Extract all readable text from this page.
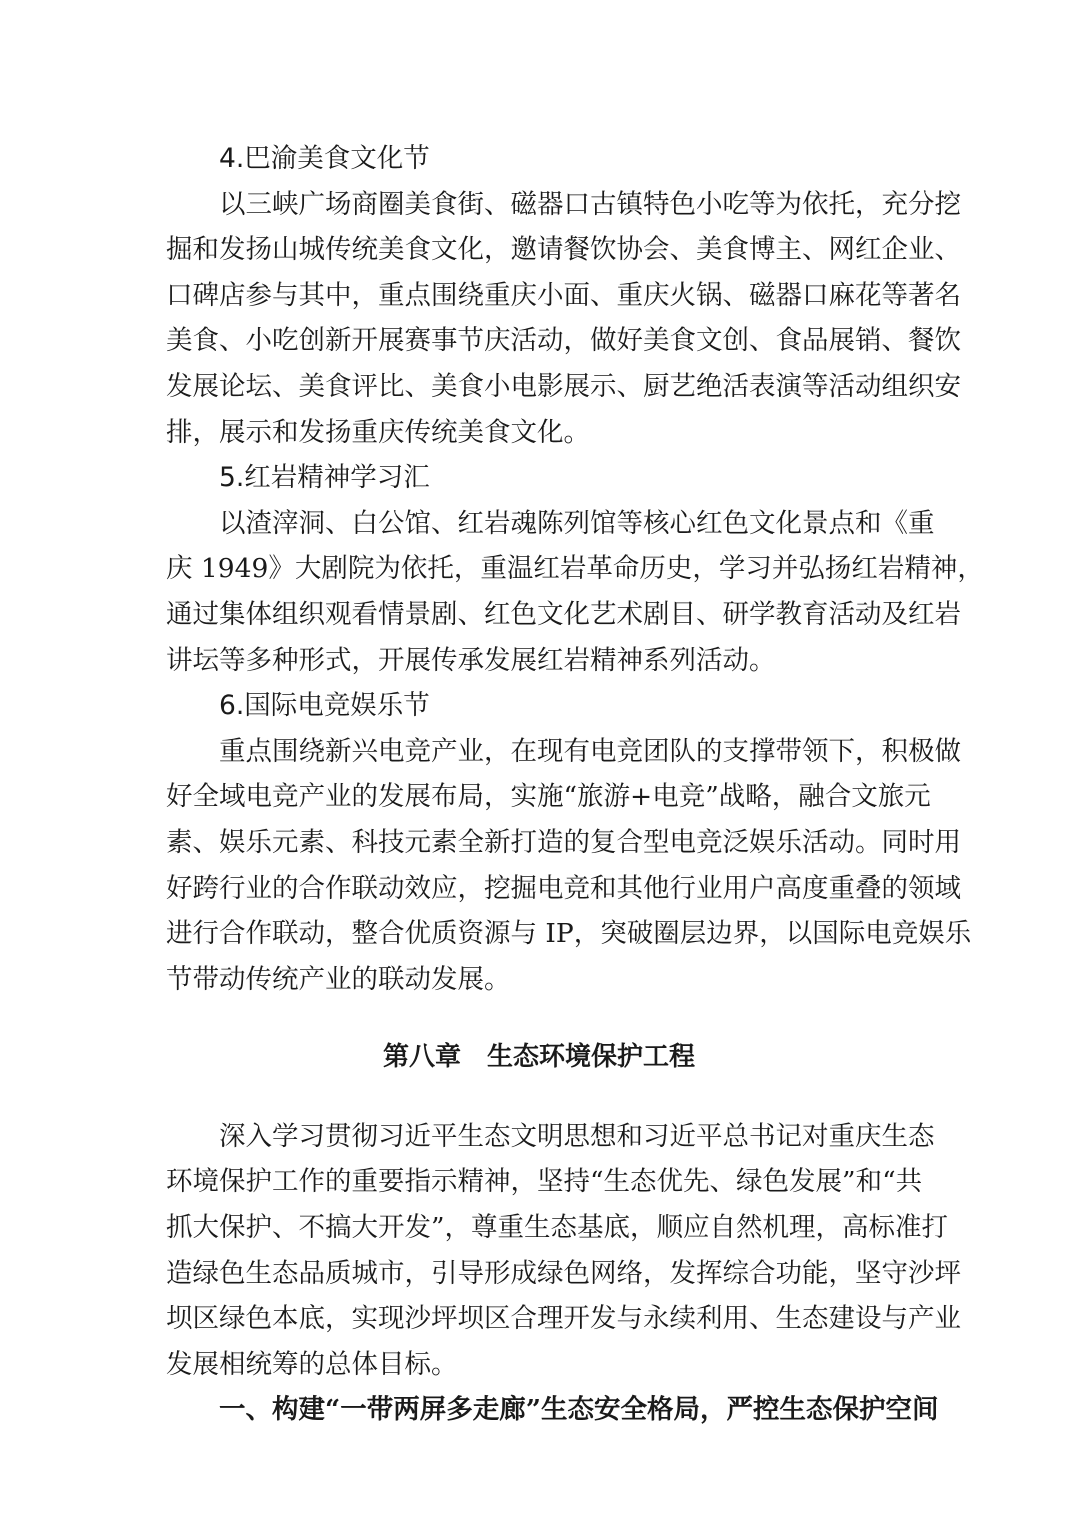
4.巴渝美食文化节
以三峡广场商圈美食街、磁器口古镇特色小吃等为依托，充分挖
掘和发扬山城传统美食文化，邀请餐饮协会、美食博主、网红企业、
口碑店参与其中，重点围绕重庆小面、重庆火锅、磁器口麻花等著名
美食、小吃创新开展赛事节庆活动，做好美食文创、食品展销、餐饮
发展论坛、美食评比、美食小电影展示、厨艺绝活表演等活动组织安
排，展示和发扬重庆传统美食文化。
5.红岩精神学习汇
以渣滓洞、白公馆、红岩魂陈列馆等核心红色文化景点和《重
庆 1949》大剧院为依托，重温红岩革命历史，学习并弘扬红岩精神，
通过集体组织观看情景剧、红色文化艺术剧目、研学教育活动及红岩
讲坛等多种形式，开展传承发展红岩精神系列活动。
6.国际电竞娱乐节
重点围绕新兴电竞产业，在现有电竞团队的支撑带领下，积极做
好全域电竞产业的发展布局，实施“旅游+电竞”战略，融合文旅元
素、娱乐元素、科技元素全新打造的复合型电竞泛娱乐活动。同时用
好跨行业的合作联动效应，挖掘电竞和其他行业用户高度重叠的领域
进行合作联动，整合优质资源与 IP，突破圈层边界，以国际电竞娱乐
节带动传统产业的联动发展。
第八章　生态环境保护工程
深入学习贯彻习近平生态文明思想和习近平总书记对重庆生态
环境保护工作的重要指示精神，坚持“生态优先、绿色发展”和“共
抓大保护、不搞大开发”，尊重生态基底，顺应自然机理，高标准打
造绿色生态品质城市，引导形成绿色网络，发挥综合功能，坚守沙坪
坝区绿色本底，实现沙坪坝区合理开发与永续利用、生态建设与产业
发展相统筹的总体目标。
一、构建“一带两屏多走廊”生态安全格局，严控生态保护空间
